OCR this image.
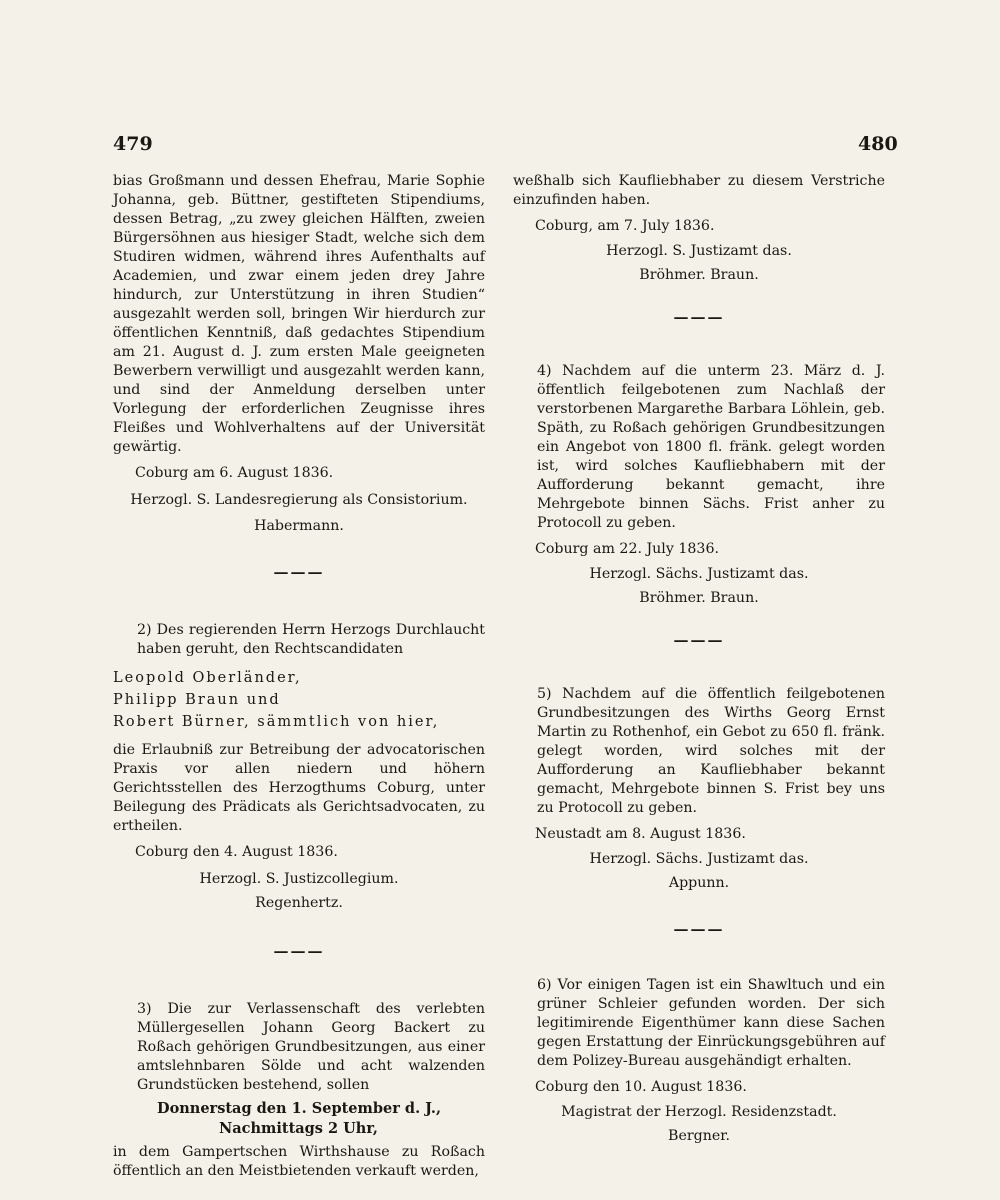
479	480

bias Großmann und dessen Ehefrau, Marie Sophie Johanna, geb. Büttner, gestifteten Stipendiums, dessen Betrag, „zu zwey gleichen Hälften, zweien Bürgersöhnen aus hiesiger Stadt, welche sich dem Studiren widmen, während ihres Aufenthalts auf Academien, und zwar einem jeden drey Jahre hindurch, zur Unterstützung in ihren Studien“ ausgezahlt werden soll, bringen Wir hierdurch zur öffentlichen Kenntniß, daß gedachtes Stipendium am 21. August d. J. zum ersten Male geeigneten Bewerbern verwilligt und ausgezahlt werden kann, und sind der Anmeldung derselben unter Vorlegung der erforderlichen Zeugnisse ihres Fleißes und Wohlverhaltens auf der Universität gewärtig.

Coburg am 6. August 1836.
Herzogl. S. Landesregierung als Consistorium.
Habermann.
———

2) Des regierenden Herrn Herzogs Durchlaucht haben geruht, den Rechtscandidaten

Leopold Oberländer,
Philipp Braun und
Robert Bürner, sämmtlich von hier,

die Erlaubniß zur Betreibung der advocatorischen Praxis vor allen niedern und höhern Gerichtsstellen des Herzogthums Coburg, unter Beilegung des Prädicats als Gerichtsadvocaten, zu ertheilen.

Coburg den 4. August 1836.
Herzogl. S. Justizcollegium.
Regenhertz.
———

3) Die zur Verlassenschaft des verlebten Müllergesellen Johann Georg Backert zu Roßach gehörigen Grundbesitzungen, aus einer amtslehnbaren Sölde und acht walzenden Grundstücken bestehend, sollen

Donnerstag den 1. September d. J.,
Nachmittags 2 Uhr,

in dem Gampertschen Wirthshause zu Roßach öffentlich an den Meistbietenden verkauft werden,

weßhalb sich Kaufliebhaber zu diesem Verstriche einzufinden haben.

Coburg, am 7. July 1836.
Herzogl. S. Justizamt das.
Bröhmer. Braun.
———

4) Nachdem auf die unterm 23. März d. J. öffentlich feilgebotenen zum Nachlaß der verstorbenen Margarethe Barbara Löhlein, geb. Späth, zu Roßach gehörigen Grundbesitzungen ein Angebot von 1800 fl. fränk. gelegt worden ist, wird solches Kaufliebhabern mit der Aufforderung bekannt gemacht, ihre Mehrgebote binnen Sächs. Frist anher zu Protocoll zu geben.

Coburg am 22. July 1836.
Herzogl. Sächs. Justizamt das.
Bröhmer. Braun.
———

5) Nachdem auf die öffentlich feilgebotenen Grundbesitzungen des Wirths Georg Ernst Martin zu Rothenhof, ein Gebot zu 650 fl. fränk. gelegt worden, wird solches mit der Aufforderung an Kaufliebhaber bekannt gemacht, Mehrgebote binnen S. Frist bey uns zu Protocoll zu geben.

Neustadt am 8. August 1836.
Herzogl. Sächs. Justizamt das.
Appunn.
———

6) Vor einigen Tagen ist ein Shawltuch und ein grüner Schleier gefunden worden. Der sich legitimirende Eigenthümer kann diese Sachen gegen Erstattung der Einrückungsgebühren auf dem Polizey-Bureau ausgehändigt erhalten.

Coburg den 10. August 1836.
Magistrat der Herzogl. Residenzstadt.
Bergner.
